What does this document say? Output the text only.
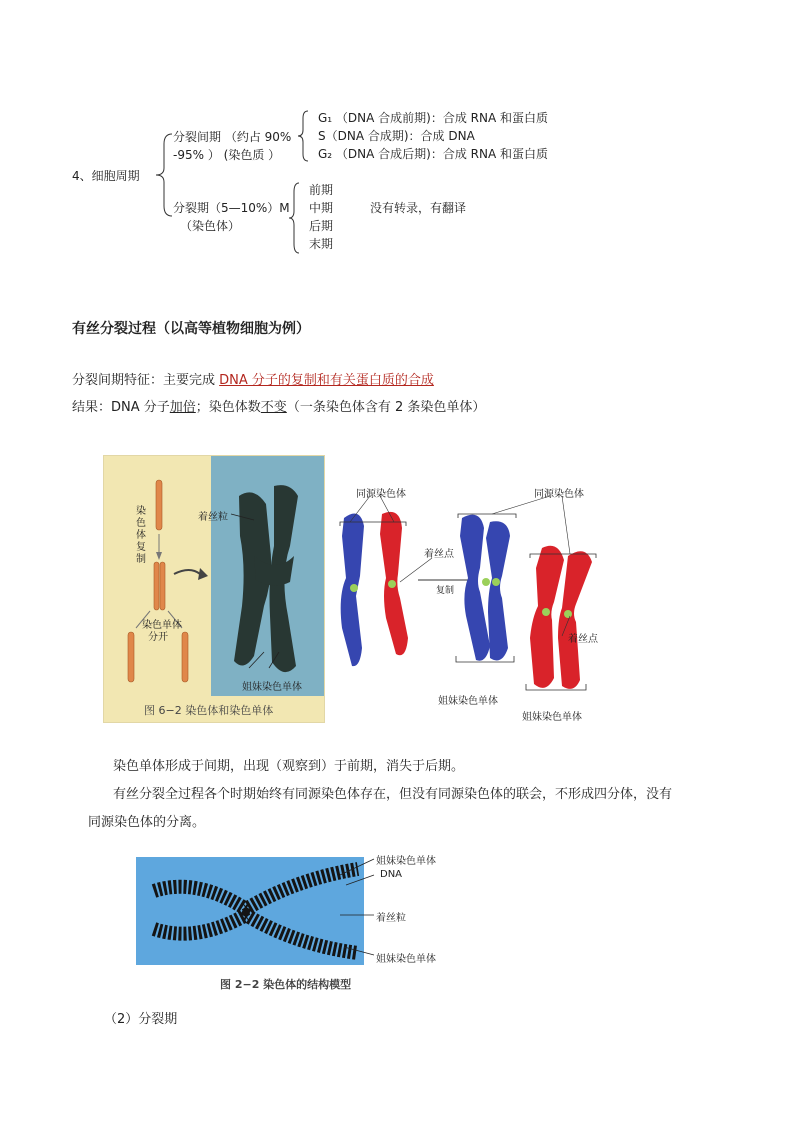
4、细胞周期
分裂间期 （约占 90%
-95% ） (染色质 ）
G₁ （DNA 合成前期)：合成 RNA 和蛋白质
S（DNA 合成期)：合成 DNA
G₂ （DNA 合成后期)：合成 RNA 和蛋白质
分裂期（5—10%）M
（染色体）
前期
中期
后期
末期
没有转录，有翻译
有丝分裂过程（以高等植物细胞为例）
分裂间期特征：主要完成 DNA 分子的复制和有关蛋白质的合成
结果：DNA 分子加倍；染色体数不变（一条染色体含有 2 条染色单体）
染色体复制
染色单体
分开
着丝粒
姐妹染色单体
图 6−2 染色体和染色单体
同源染色体	同源染色体
着丝点
着丝点
复制
姐妹染色单体
姐妹染色单体
染色单体形成于间期，出现（观察到）于前期，消失于后期。
有丝分裂全过程各个时期始终有同源染色体存在，但没有同源染色体的联会，不形成四分体，没有
同源染色体的分离。
姐妹染色单体
DNA
着丝粒
姐妹染色单体
图 2−2 染色体的结构模型
（2）分裂期
